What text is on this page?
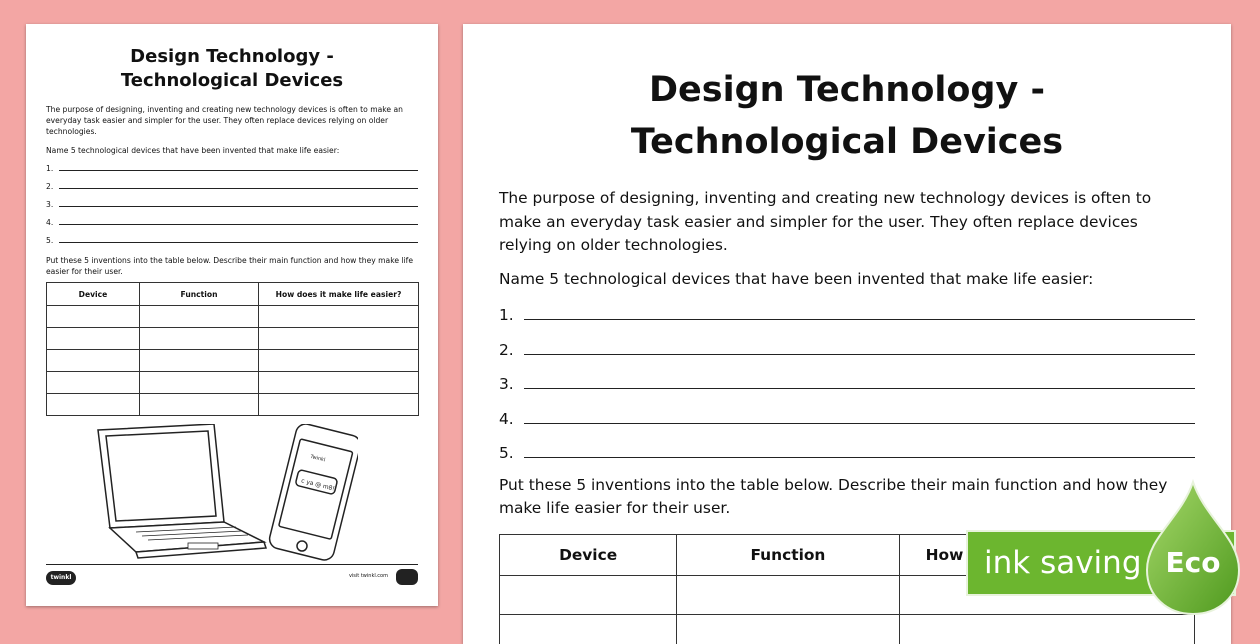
Design Technology -
Technological Devices
The purpose of designing, inventing and creating new technology devices is often to make an everyday task easier and simpler for the user. They often replace devices relying on older technologies.
Name 5 technological devices that have been invented that make life easier:
1.
2.
3.
4.
5.
Put these 5 inventions into the table below. Describe their main function and how they make life easier for their user.
Device	Function	How does it make life easier?

Twinkl
c ya @ m8!
twinkl	visit twinkl.com
Design Technology -
Technological Devices
The purpose of designing, inventing and creating new technology devices is often to make an everyday task easier and simpler for the user. They often replace devices relying on older technologies.
Name 5 technological devices that have been invented that make life easier:
1.
2.
3.
4.
5.
Put these 5 inventions into the table below. Describe their main function and how they make life easier for their user.
Device	Function	How

		ink saving Eco
